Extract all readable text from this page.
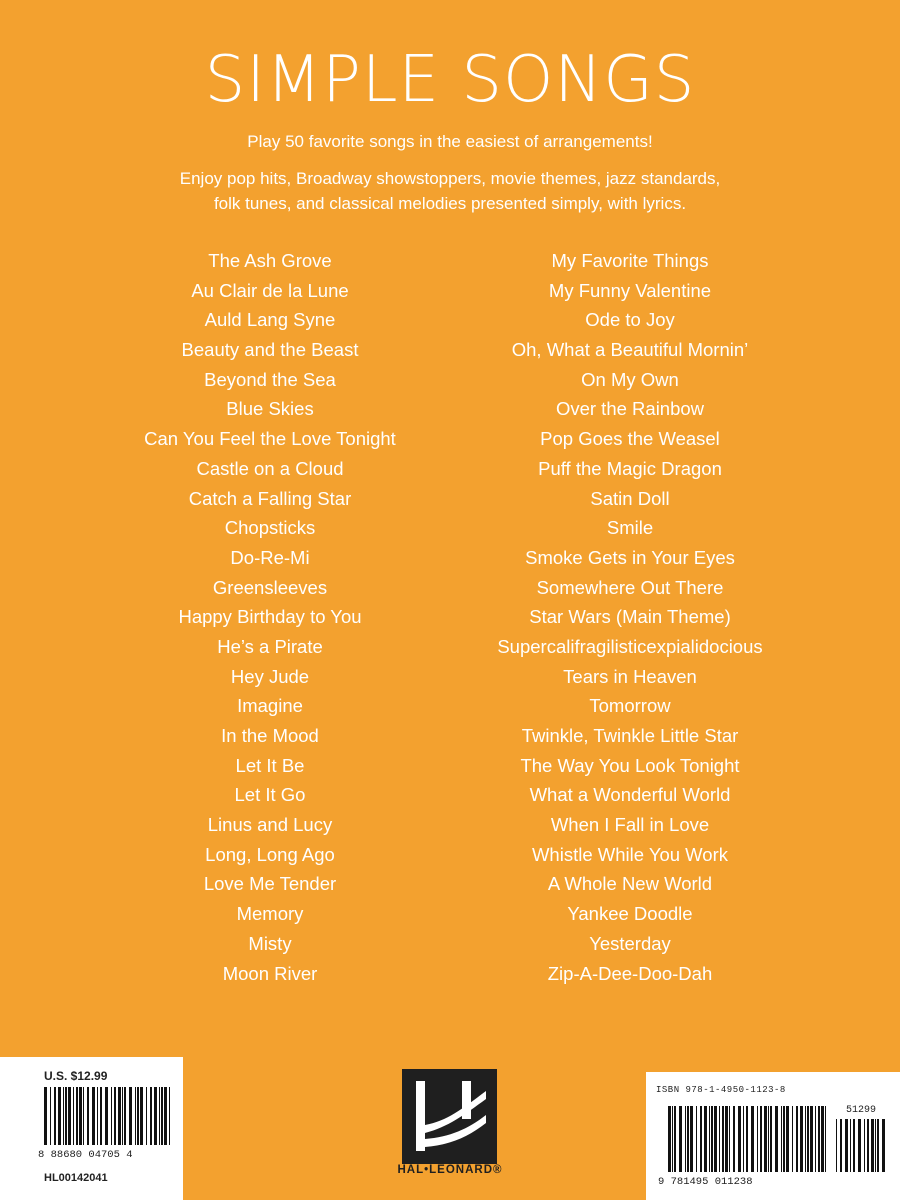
SIMPLE SONGS
Play 50 favorite songs in the easiest of arrangements!
Enjoy pop hits, Broadway showstoppers, movie themes, jazz standards,
folk tunes, and classical melodies presented simply, with lyrics.
The Ash Grove
Au Clair de la Lune
Auld Lang Syne
Beauty and the Beast
Beyond the Sea
Blue Skies
Can You Feel the Love Tonight
Castle on a Cloud
Catch a Falling Star
Chopsticks
Do-Re-Mi
Greensleeves
Happy Birthday to You
He’s a Pirate
Hey Jude
Imagine
In the Mood
Let It Be
Let It Go
Linus and Lucy
Long, Long Ago
Love Me Tender
Memory
Misty
Moon River
My Favorite Things
My Funny Valentine
Ode to Joy
Oh, What a Beautiful Mornin’
On My Own
Over the Rainbow
Pop Goes the Weasel
Puff the Magic Dragon
Satin Doll
Smile
Smoke Gets in Your Eyes
Somewhere Out There
Star Wars (Main Theme)
Supercalifragilisticexpialidocious
Tears in Heaven
Tomorrow
Twinkle, Twinkle Little Star
The Way You Look Tonight
What a Wonderful World
When I Fall in Love
Whistle While You Work
A Whole New World
Yankee Doodle
Yesterday
Zip-A-Dee-Doo-Dah
U.S. $12.99
8 88680 04705 4
HL00142041
HAL•LEONARD®
ISBN 978-1-4950-1123-8
51299
9 781495 011238
